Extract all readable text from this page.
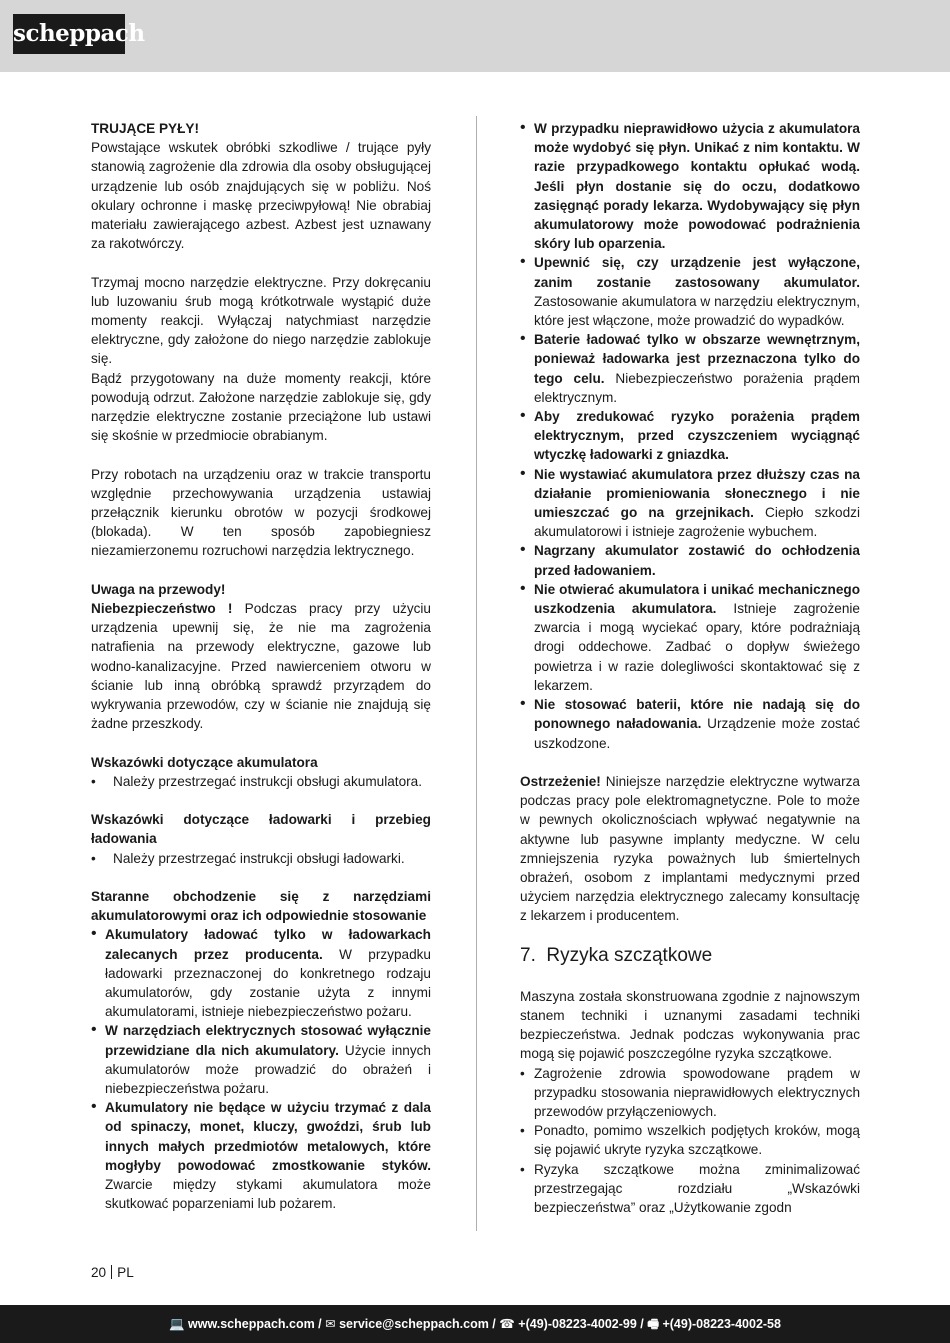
scheppach

TRUJĄCE PYŁY!

Powstające wskutek obróbki szkodliwe / trujące pyły stanowią zagrożenie dla zdrowia dla osoby obsługującej urządzenie lub osób znajdujących się w pobliżu. Noś okulary ochronne i maskę przeciwpyłową! Nie obrabiaj materiału zawierającego azbest. Azbest jest uznawany za rakotwórczy.

Trzymaj mocno narzędzie elektryczne. Przy dokręcaniu lub luzowaniu śrub mogą krótkotrwale wystąpić duże momenty reakcji. Wyłączaj natychmiast narzędzie elektryczne, gdy założone do niego narzędzie zablokuje się.

Bądź przygotowany na duże momenty reakcji, które powodują odrzut. Założone narzędzie zablokuje się, gdy narzędzie elektryczne zostanie przeciążone lub ustawi się skośnie w przedmiocie obrabianym.

Przy robotach na urządzeniu oraz w trakcie transportu względnie przechowywania urządzenia ustawiaj przełącznik kierunku obrotów w pozycji środkowej (blokada). W ten sposób zapobiegniesz niezamierzonemu rozruchowi narzędzia lektrycznego.

Uwaga na przewody!

Niebezpieczeństwo ! Podczas pracy przy użyciu urządzenia upewnij się, że nie ma zagrożenia natrafienia na przewody elektryczne, gazowe lub wodno-kanalizacyjne. Przed nawierceniem otworu w ścianie lub inną obróbką sprawdź przyrządem do wykrywania przewodów, czy w ścianie nie znajdują się żadne przeszkody.

Wskazówki dotyczące akumulatora

• Należy przestrzegać instrukcji obsługi akumulatora.

Wskazówki dotyczące ładowarki i przebieg ładowania

• Należy przestrzegać instrukcji obsługi ładowarki.

Staranne obchodzenie się z narzędziami akumulatorowymi oraz ich odpowiednie stosowanie

• Akumulatory ładować tylko w ładowarkach zalecanych przez producenta. W przypadku ładowarki przeznaczonej do konkretnego rodzaju akumulatorów, gdy zostanie użyta z innymi akumulatorami, istnieje niebezpieczeństwo pożaru.
• W narzędziach elektrycznych stosować wyłącznie przewidziane dla nich akumulatory. Użycie innych akumulatorów może prowadzić do obrażeń i niebezpieczeństwa pożaru.
• Akumulatory nie będące w użyciu trzymać z dala od spinaczy, monet, kluczy, gwoździ, śrub lub innych małych przedmiotów metalowych, które mogłyby powodować zmostkowanie styków. Zwarcie między stykami akumulatora może skutkować poparzeniami lub pożarem.
• W przypadku nieprawidłowo użycia z akumulatora może wydobyć się płyn. Unikać z nim kontaktu. W razie przypadkowego kontaktu opłukać wodą. Jeśli płyn dostanie się do oczu, dodatkowo zasięgnąć porady lekarza. Wydobywający się płyn akumulatorowy może powodować podrażnienia skóry lub oparzenia.
• Upewnić się, czy urządzenie jest wyłączone, zanim zostanie zastosowany akumulator. Zastosowanie akumulatora w narzędziu elektrycznym, które jest włączone, może prowadzić do wypadków.
• Baterie ładować tylko w obszarze wewnętrznym, ponieważ ładowarka jest przeznaczona tylko do tego celu. Niebezpieczeństwo porażenia prądem elektrycznym.
• Aby zredukować ryzyko porażenia prądem elektrycznym, przed czyszczeniem wyciągnąć wtyczkę ładowarki z gniazdka.
• Nie wystawiać akumulatora przez dłuższy czas na działanie promieniowania słonecznego i nie umieszczać go na grzejnikach. Ciepło szkodzi akumulatorowi i istnieje zagrożenie wybuchem.
• Nagrzany akumulator zostawić do ochłodzenia przed ładowaniem.
• Nie otwierać akumulatora i unikać mechanicznego uszkodzenia akumulatora. Istnieje zagrożenie zwarcia i mogą wyciekać opary, które podrażniają drogi oddechowe. Zadbać o dopływ świeżego powietrza i w razie dolegliwości skontaktować się z lekarzem.
• Nie stosować baterii, które nie nadają się do ponownego naładowania. Urządzenie może zostać uszkodzone.

Ostrzeżenie! Niniejsze narzędzie elektryczne wytwarza podczas pracy pole elektromagnetyczne. Pole to może w pewnych okolicznościach wpływać negatywnie na aktywne lub pasywne implanty medyczne. W celu zmniejszenia ryzyka poważnych lub śmiertelnych obrażeń, osobom z implantami medycznymi przed użyciem narzędzia elektrycznego zalecamy konsultację z lekarzem i producentem.

7.  Ryzyka szczątkowe

Maszyna została skonstruowana zgodnie z najnowszym stanem techniki i uznanymi zasadami techniki bezpieczeństwa. Jednak podczas wykonywania prac mogą się pojawić poszczególne ryzyka szczątkowe.

• Zagrożenie zdrowia spowodowane prądem w przypadku stosowania nieprawidłowych elektrycznych przewodów przyłączeniowych.
• Ponadto, pomimo wszelkich podjętych kroków, mogą się pojawić ukryte ryzyka szczątkowe.
• Ryzyka szczątkowe można zminimalizować przestrzegając rozdziału „Wskazówki bezpieczeństwa” oraz „Użytkowanie zgodn
20 PL
💻 www.scheppach.com / ✉ service@scheppach.com / ☎ +(49)-08223-4002-99 / 🖷 +(49)-08223-4002-58
